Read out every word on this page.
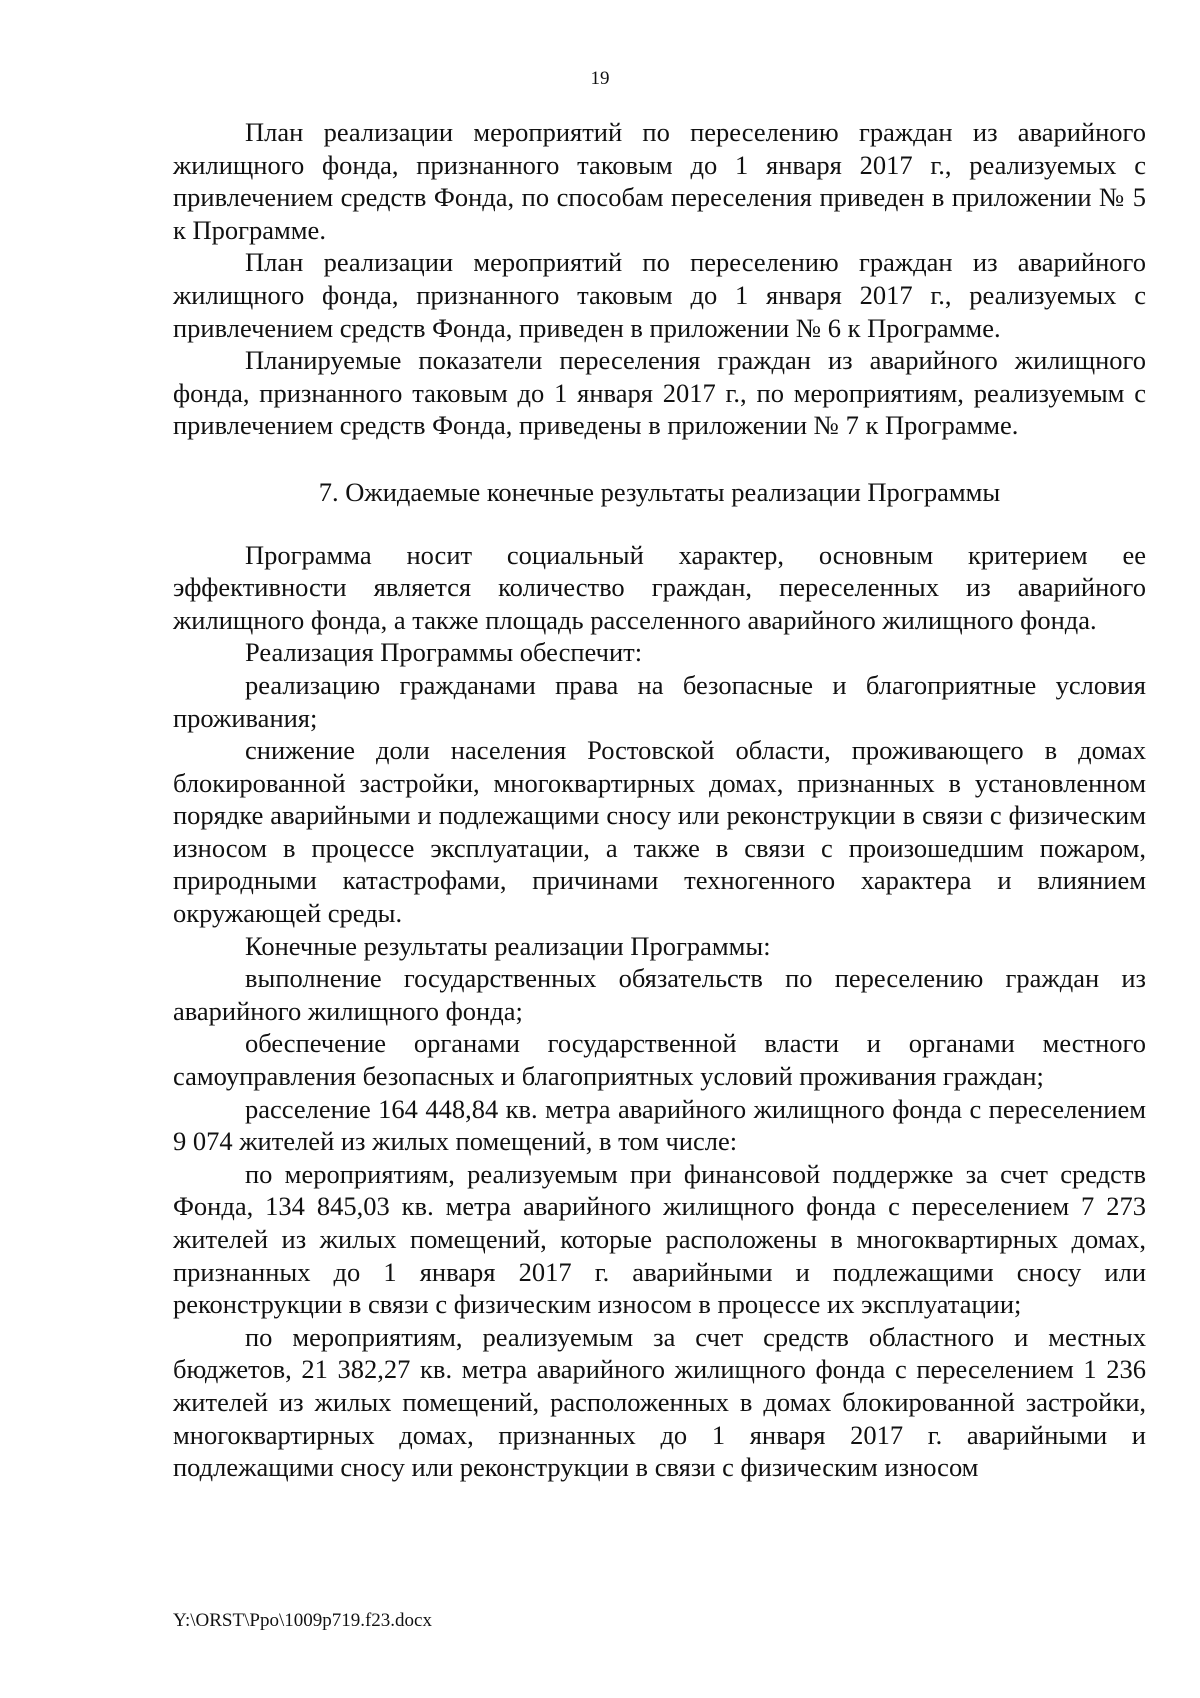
19

План реализации мероприятий по переселению граждан из аварийного жилищного фонда, признанного таковым до 1 января 2017 г., реализуемых с привлечением средств Фонда, по способам переселения приведен в приложении № 5 к Программе.

План реализации мероприятий по переселению граждан из аварийного жилищного фонда, признанного таковым до 1 января 2017 г., реализуемых с привлечением средств Фонда, приведен в приложении № 6 к Программе.

Планируемые показатели переселения граждан из аварийного жилищного фонда, признанного таковым до 1 января 2017 г., по мероприятиям, реализуемым с привлечением средств Фонда, приведены в приложении № 7 к Программе.

7. Ожидаемые конечные результаты реализации Программы

Программа носит социальный характер, основным критерием ее эффективности является количество граждан, переселенных из аварийного жилищного фонда, а также площадь расселенного аварийного жилищного фонда.

Реализация Программы обеспечит:

реализацию гражданами права на безопасные и благоприятные условия проживания;

снижение доли населения Ростовской области, проживающего в домах блокированной застройки, многоквартирных домах, признанных в установленном порядке аварийными и подлежащими сносу или реконструкции в связи с физическим износом в процессе эксплуатации, а также в связи с произошедшим пожаром, природными катастрофами, причинами техногенного характера и влиянием окружающей среды.

Конечные результаты реализации Программы:

выполнение государственных обязательств по переселению граждан из аварийного жилищного фонда;

обеспечение органами государственной власти и органами местного самоуправления безопасных и благоприятных условий проживания граждан;

расселение 164 448,84 кв. метра аварийного жилищного фонда с переселением 9 074 жителей из жилых помещений, в том числе:

по мероприятиям, реализуемым при финансовой поддержке за счет средств Фонда, 134 845,03 кв. метра аварийного жилищного фонда с переселением 7 273 жителей из жилых помещений, которые расположены в многоквартирных домах, признанных до 1 января 2017 г. аварийными и подлежащими сносу или реконструкции в связи с физическим износом в процессе их эксплуатации;

по мероприятиям, реализуемым за счет средств областного и местных бюджетов, 21 382,27 кв. метра аварийного жилищного фонда с переселением 1 236 жителей из жилых помещений, расположенных в домах блокированной застройки, многоквартирных домах, признанных до 1 января 2017 г. аварийными и подлежащими сносу или реконструкции в связи с физическим износом

Y:\ORST\Ppo\1009p719.f23.docx
